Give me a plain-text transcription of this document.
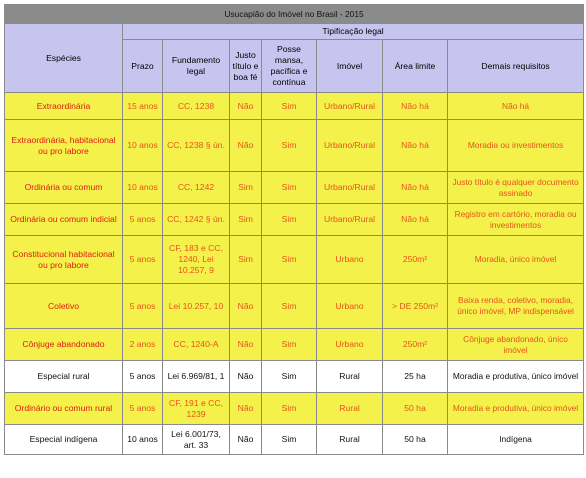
Usucapião do Imóvel no Brasil - 2015							
Espécies	Tipificação legal						
	Prazo	Fundamento legal	Justo título e boa fé	Posse mansa, pacífica e contínua	Imóvel	Área limite	Demais requisitos
Extraordinária	15 anos	CC, 1238	Não	Sim	Urbano/Rural	Não há	Não há
Extraordinária, habitacional ou pro labore	10 anos	CC, 1238 § ún.	Não	Sim	Urbano/Rural	Não há	Moradia ou investimentos
Ordinária ou comum	10 anos	CC, 1242	Sim	Sim	Urbano/Rural	Não há	Justo título é qualquer documento assinado
Ordinária ou comum indicial	5 anos	CC, 1242 § ún.	Sim	Sim	Urbano/Rural	Não há	Registro em cartório, moradia ou investimentos
Constitucional habitacional ou pro labore	5 anos	CF, 183 e CC, 1240, Lei 10.257, 9	Sim	Sim	Urbano	250m²	Moradia, único imóvel
Coletivo	5 anos	Lei 10.257, 10	Não	Sim	Urbano	> DE 250m²	Baixa renda, coletivo, moradia, único imóvel, MP indispensável
Cônjuge abandonado	2 anos	CC, 1240-A	Não	Sim	Urbano	250m²	Cônjuge abandonado, único imóvel
Especial rural	5 anos	Lei 6.969/81, 1	Não	Sim	Rural	25 ha	Moradia e produtiva, único imóvel
Ordinário ou comum rural	5 anos	CF, 191 e CC, 1239	Não	Sim	Rural	50 ha	Moradia e produtiva, único imóvel
Especial indígena	10 anos	Lei 6.001/73, art. 33	Não	Sim	Rural	50 ha	Indígena
